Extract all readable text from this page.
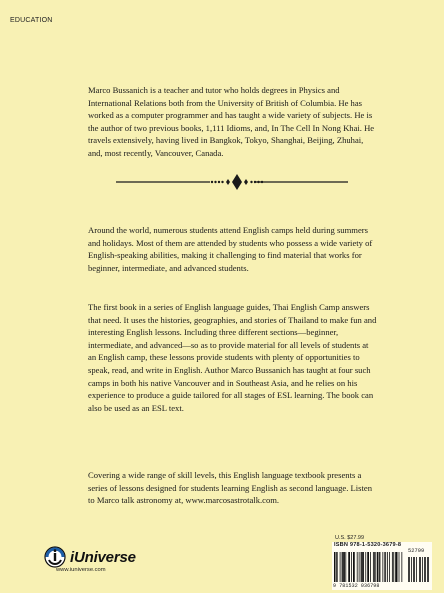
EDUCATION

Marco Bussanich is a teacher and tutor who holds degrees in Physics and International Relations both from the University of British of Columbia. He has worked as a computer programmer and has taught a wide variety of subjects. He is the author of two previous books, 1,111 Idioms, and, In The Cell In Nong Khai. He travels extensively, having lived in Bangkok, Tokyo, Shanghai, Beijing, Zhuhai, and, most recently, Vancouver, Canada.

Around the world, numerous students attend English camps held during summers and holidays. Most of them are attended by students who possess a wide variety of English-speaking abilities, making it challenging to find material that works for beginner, intermediate, and advanced students.

The first book in a series of English language guides, Thai English Camp answers that need. It uses the histories, geographies, and stories of Thailand to make fun and interesting English lessons. Including three different sections—beginner, intermediate, and advanced—so as to provide material for all levels of students at an English camp, these lessons provide students with plenty of opportunities to speak, read, and write in English. Author Marco Bussanich has taught at four such camps in both his native Vancouver and in Southeast Asia, and he relies on his experience to produce a guide tailored for all stages of ESL learning. The book can also be used as an ESL text.

Covering a wide range of skill levels, this English language textbook presents a series of lessons designed for students learning English as second language. Listen to Marco talk astronomy at, www.marcosastrotalk.com.

iUniverse
www.iuniverse.com
U.S. $27.99
ISBN 978-1-5320-3679-8
52799
9 781532 036798
